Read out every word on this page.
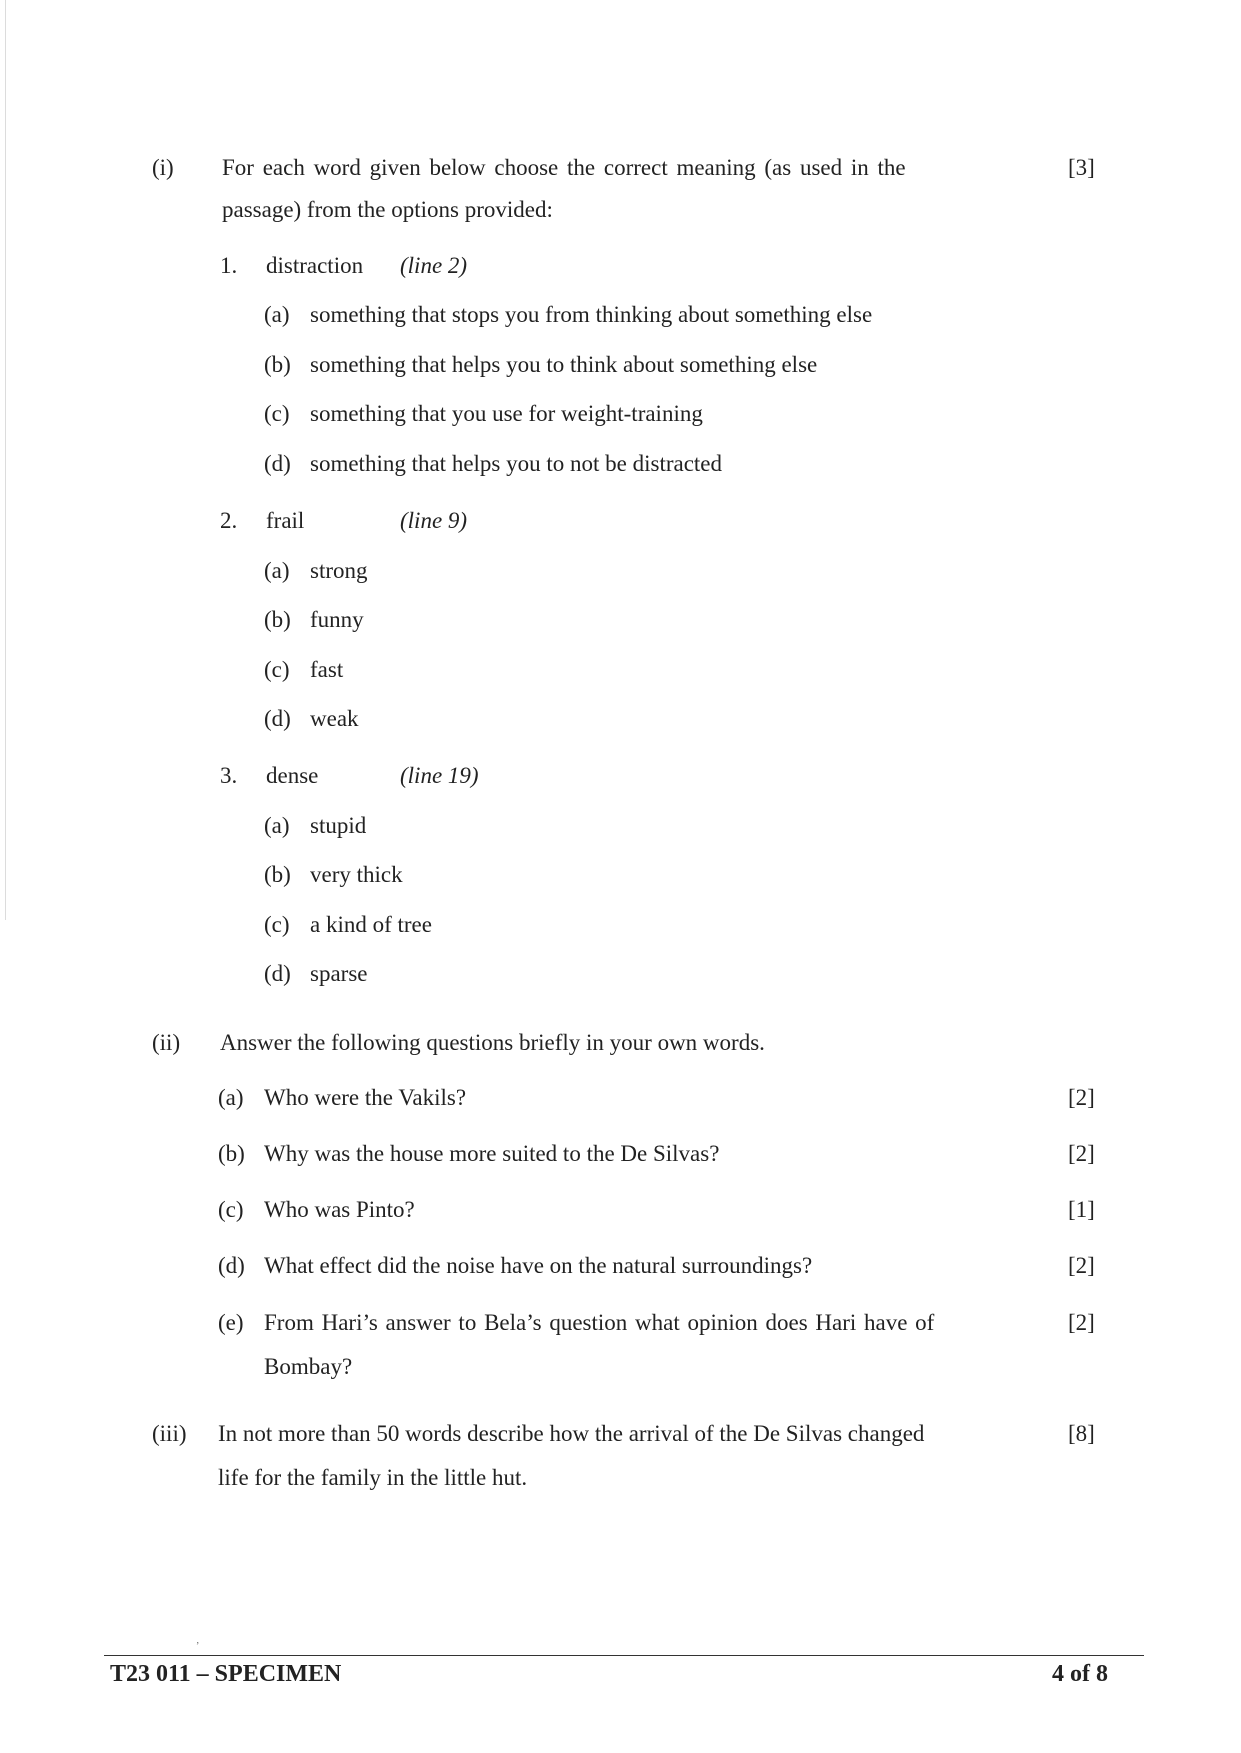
(i) For each word given below choose the correct meaning (as used in the	[3]
passage) from the options provided:
1. distraction (line 2)
(a) something that stops you from thinking about something else
(b) something that helps you to think about something else
(c) something that you use for weight-training
(d) something that helps you to not be distracted
2. frail	(line 9)
(a) strong
(b) funny
(c) fast
(d) weak
3. dense	(line 19)
(a) stupid
(b) very thick
(c) a kind of tree
(d) sparse
(ii) Answer the following questions briefly in your own words.
(a) Who were the Vakils?	[2]
(b) Why was the house more suited to the De Silvas?	[2]
(c) Who was Pinto?	[1]
(d) What effect did the noise have on the natural surroundings?	[2]
(e) From Hari’s answer to Bela’s question what opinion does Hari have of	[2]
Bombay?
(iii) In not more than 50 words describe how the arrival of the De Silvas changed	[8]
life for the family in the little hut.
ʼ
T23 011 – SPECIMEN	4 of 8
